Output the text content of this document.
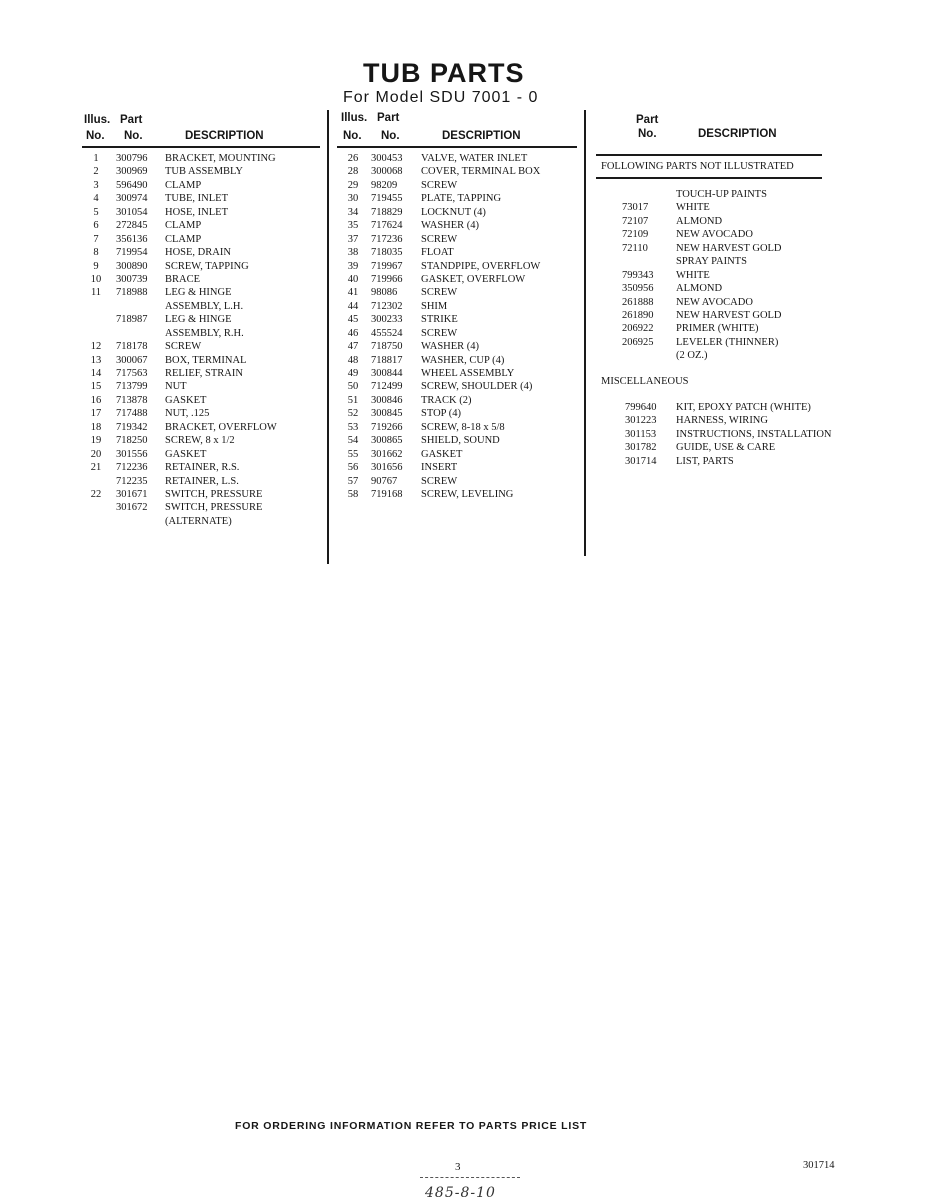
TUB PARTS
For Model SDU 7001 - 0
Illus. Part
No. No.	DESCRIPTION
1	300796 BRACKET, MOUNTING
2	300969 TUB ASSEMBLY
3	596490 CLAMP
4	300974 TUBE, INLET
5	301054 HOSE, INLET
6	272845 CLAMP
7	356136 CLAMP
8	719954 HOSE, DRAIN
9	300890 SCREW, TAPPING
10	300739 BRACE
11	718988 LEG & HINGE
ASSEMBLY, L.H.
718987 LEG & HINGE
ASSEMBLY, R.H.
12	718178 SCREW
13	300067 BOX, TERMINAL
14	717563 RELIEF, STRAIN
15	713799 NUT
16	713878 GASKET
17	717488 NUT, .125
18	719342 BRACKET, OVERFLOW
19	718250 SCREW, 8 x 1/2
20	301556 GASKET
21	712236 RETAINER, R.S.
712235 RETAINER, L.S.
22	301671 SWITCH, PRESSURE
301672 SWITCH, PRESSURE
(ALTERNATE)
Illus. Part
No. No.	DESCRIPTION
26	300453 VALVE, WATER INLET
28	300068 COVER, TERMINAL BOX
29	98209 SCREW
30	719455 PLATE, TAPPING
34	718829 LOCKNUT (4)
35	717624 WASHER (4)
37	717236 SCREW
38	718035 FLOAT
39	719967 STANDPIPE, OVERFLOW
40	719966 GASKET, OVERFLOW
41	98086 SCREW
44	712302 SHIM
45	300233 STRIKE
46	455524 SCREW
47	718750 WASHER (4)
48	718817 WASHER, CUP (4)
49	300844 WHEEL ASSEMBLY
50	712499 SCREW, SHOULDER (4)
51	300846 TRACK (2)
52	300845 STOP (4)
53	719266 SCREW, 8-18 x 5/8
54	300865 SHIELD, SOUND
55	301662 GASKET
56	301656 INSERT
57	90767 SCREW
58	719168 SCREW, LEVELING
Part
No.	DESCRIPTION
FOLLOWING PARTS NOT ILLUSTRATED
TOUCH-UP PAINTS
73017	WHITE
72107	ALMOND
72109	NEW AVOCADO
72110	NEW HARVEST GOLD
SPRAY PAINTS
799343 WHITE
350956 ALMOND
261888 NEW AVOCADO
261890 NEW HARVEST GOLD
206922 PRIMER (WHITE)
206925 LEVELER (THINNER)
(2 OZ.)
MISCELLANEOUS
799640 KIT, EPOXY PATCH (WHITE)
301223 HARNESS, WIRING
301153 INSTRUCTIONS, INSTALLATION
301782 GUIDE, USE & CARE
301714 LIST, PARTS
FOR ORDERING INFORMATION REFER TO PARTS PRICE LIST
3	301714
485-8-10
